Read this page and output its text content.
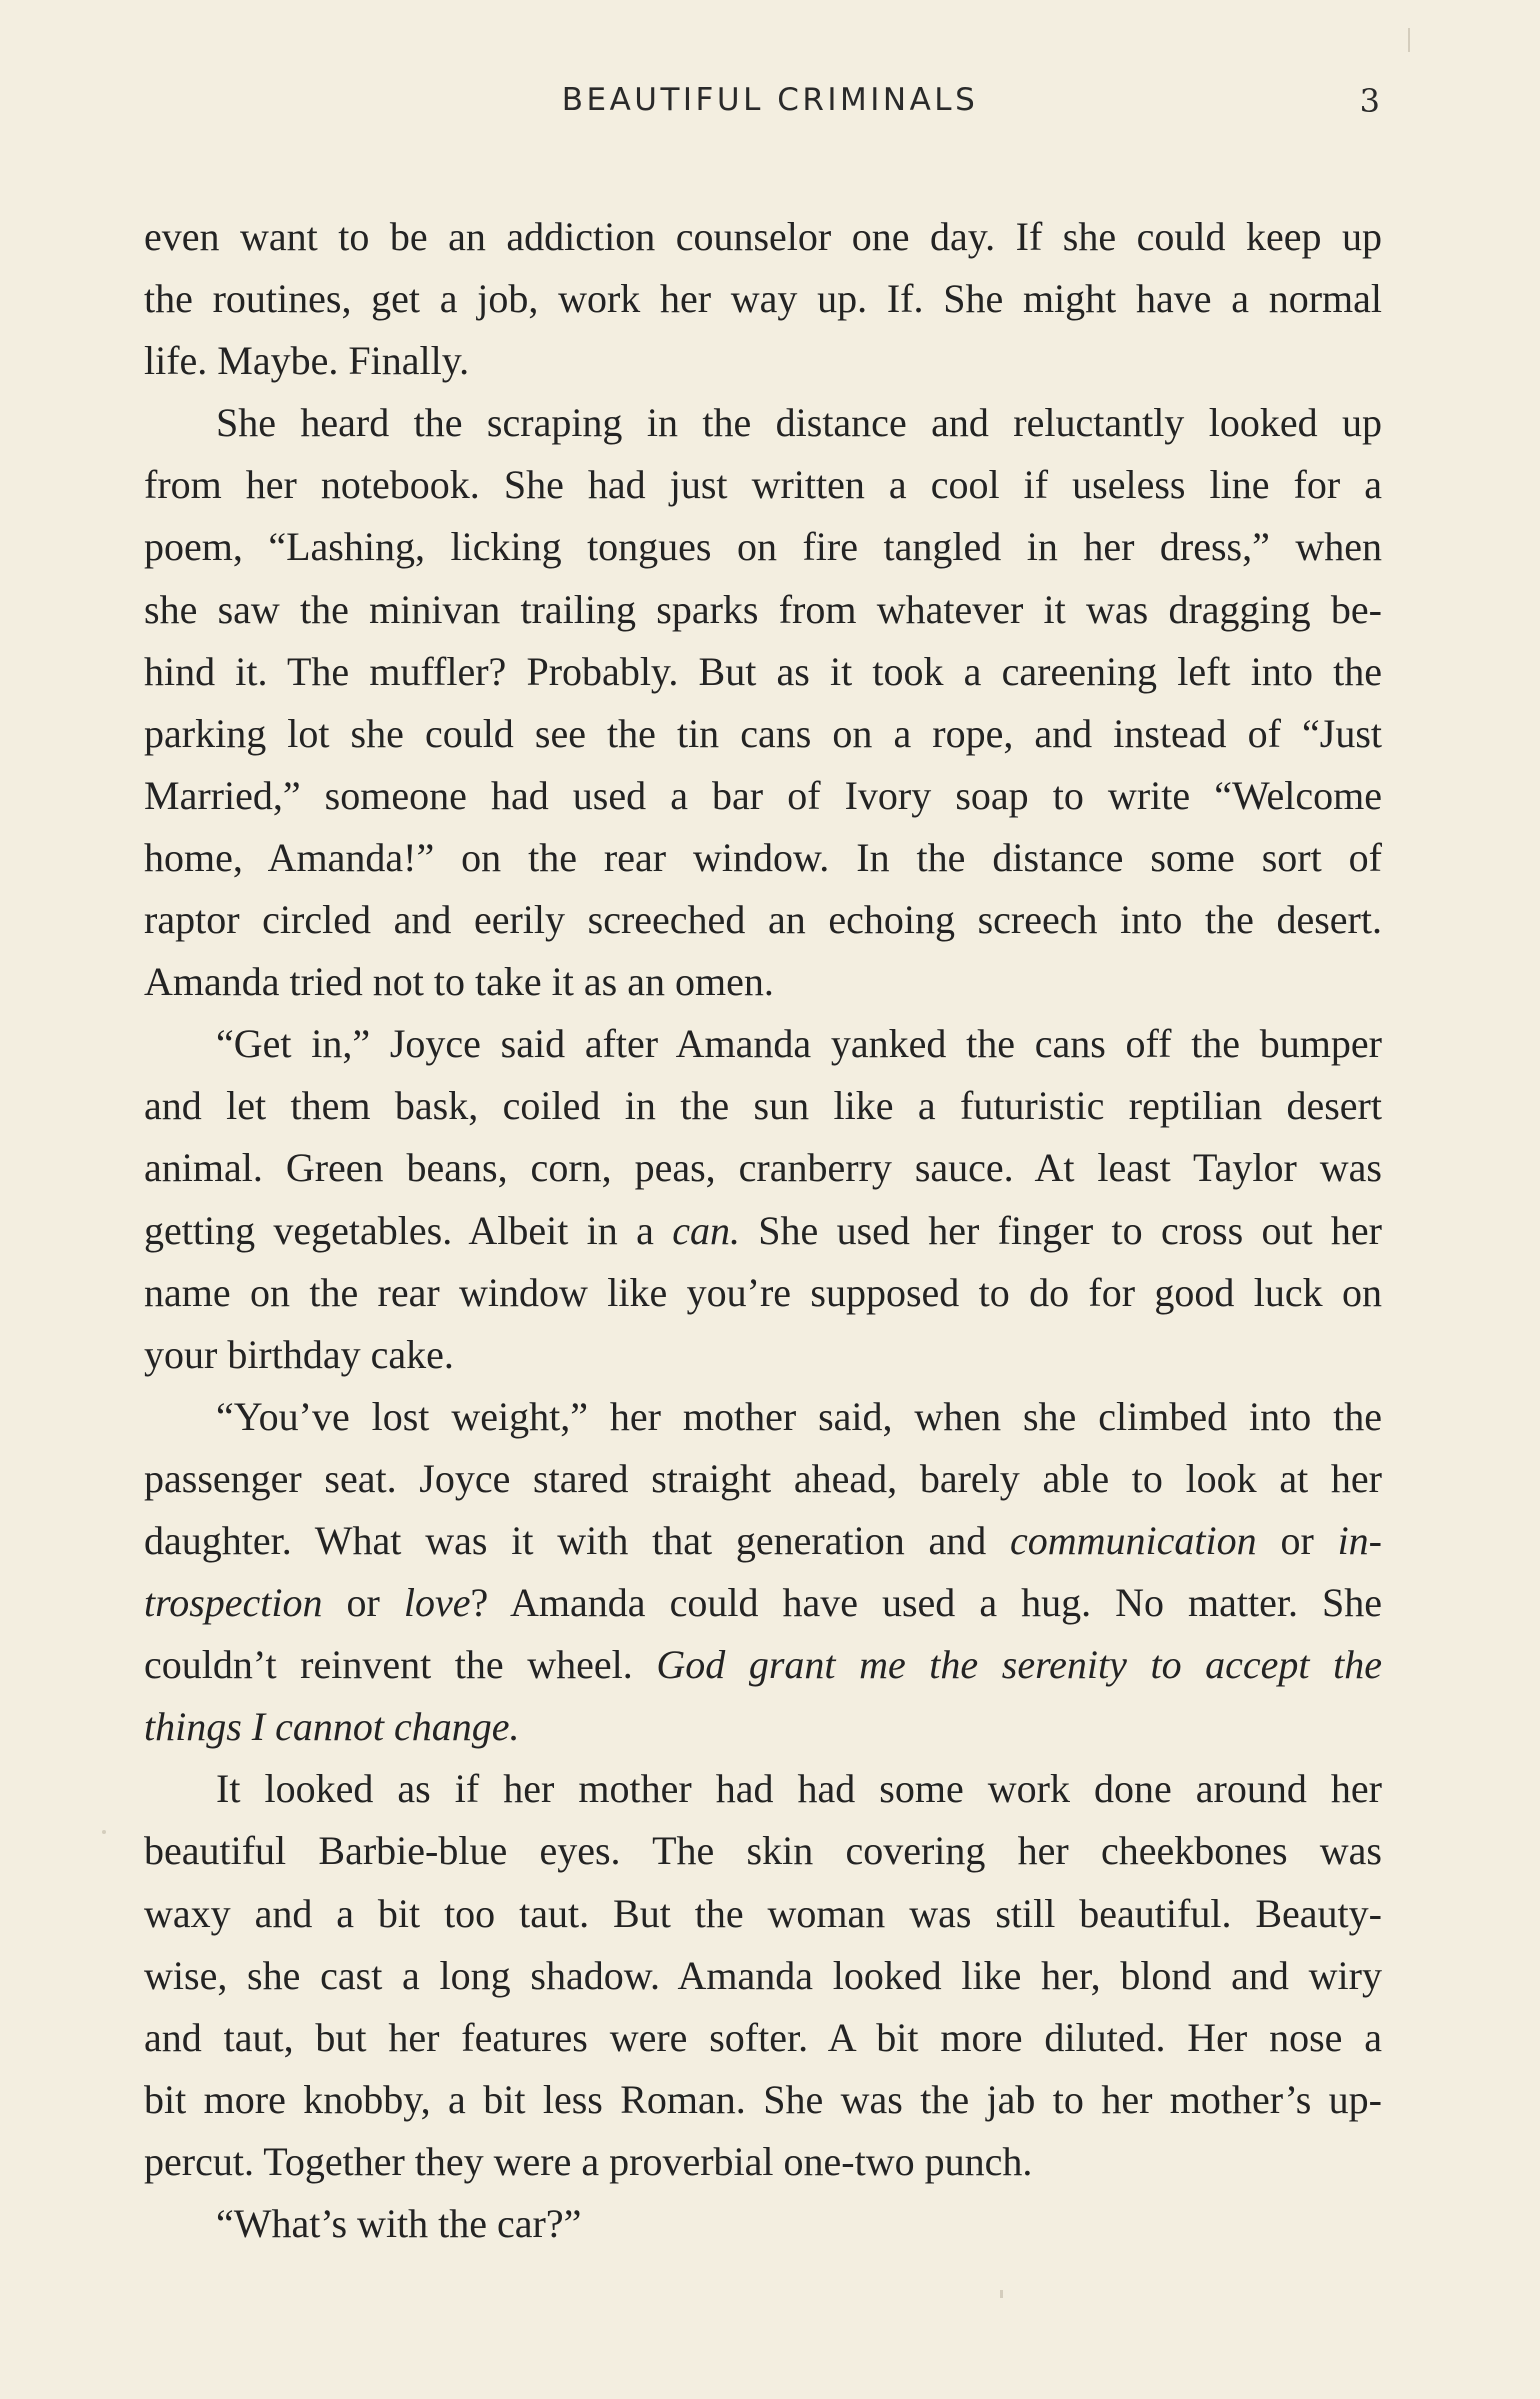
BEAUTIFUL CRIMINALS	3

even want to be an addiction counselor one day. If she could keep up
the routines, get a job, work her way up. If. She might have a normal
life. Maybe. Finally.

She heard the scraping in the distance and reluctantly looked up
from her notebook. She had just written a cool if useless line for a
poem, “Lashing, licking tongues on fire tangled in her dress,” when
she saw the minivan trailing sparks from whatever it was dragging be-
hind it. The muffler? Probably. But as it took a careening left into the
parking lot she could see the tin cans on a rope, and instead of “Just
Married,” someone had used a bar of Ivory soap to write “Welcome
home, Amanda!” on the rear window. In the distance some sort of
raptor circled and eerily screeched an echoing screech into the desert.
Amanda tried not to take it as an omen.

“Get in,” Joyce said after Amanda yanked the cans off the bumper
and let them bask, coiled in the sun like a futuristic reptilian desert
animal. Green beans, corn, peas, cranberry sauce. At least Taylor was
getting vegetables. Albeit in a can. She used her finger to cross out her
name on the rear window like you’re supposed to do for good luck on
your birthday cake.

“You’ve lost weight,” her mother said, when she climbed into the
passenger seat. Joyce stared straight ahead, barely able to look at her
daughter. What was it with that generation and communication or in-
trospection or love? Amanda could have used a hug. No matter. She
couldn’t reinvent the wheel. God grant me the serenity to accept the
things I cannot change.

It looked as if her mother had had some work done around her
beautiful Barbie-blue eyes. The skin covering her cheekbones was
waxy and a bit too taut. But the woman was still beautiful. Beauty-
wise, she cast a long shadow. Amanda looked like her, blond and wiry
and taut, but her features were softer. A bit more diluted. Her nose a
bit more knobby, a bit less Roman. She was the jab to her mother’s up-
percut. Together they were a proverbial one-two punch.

“What’s with the car?”
